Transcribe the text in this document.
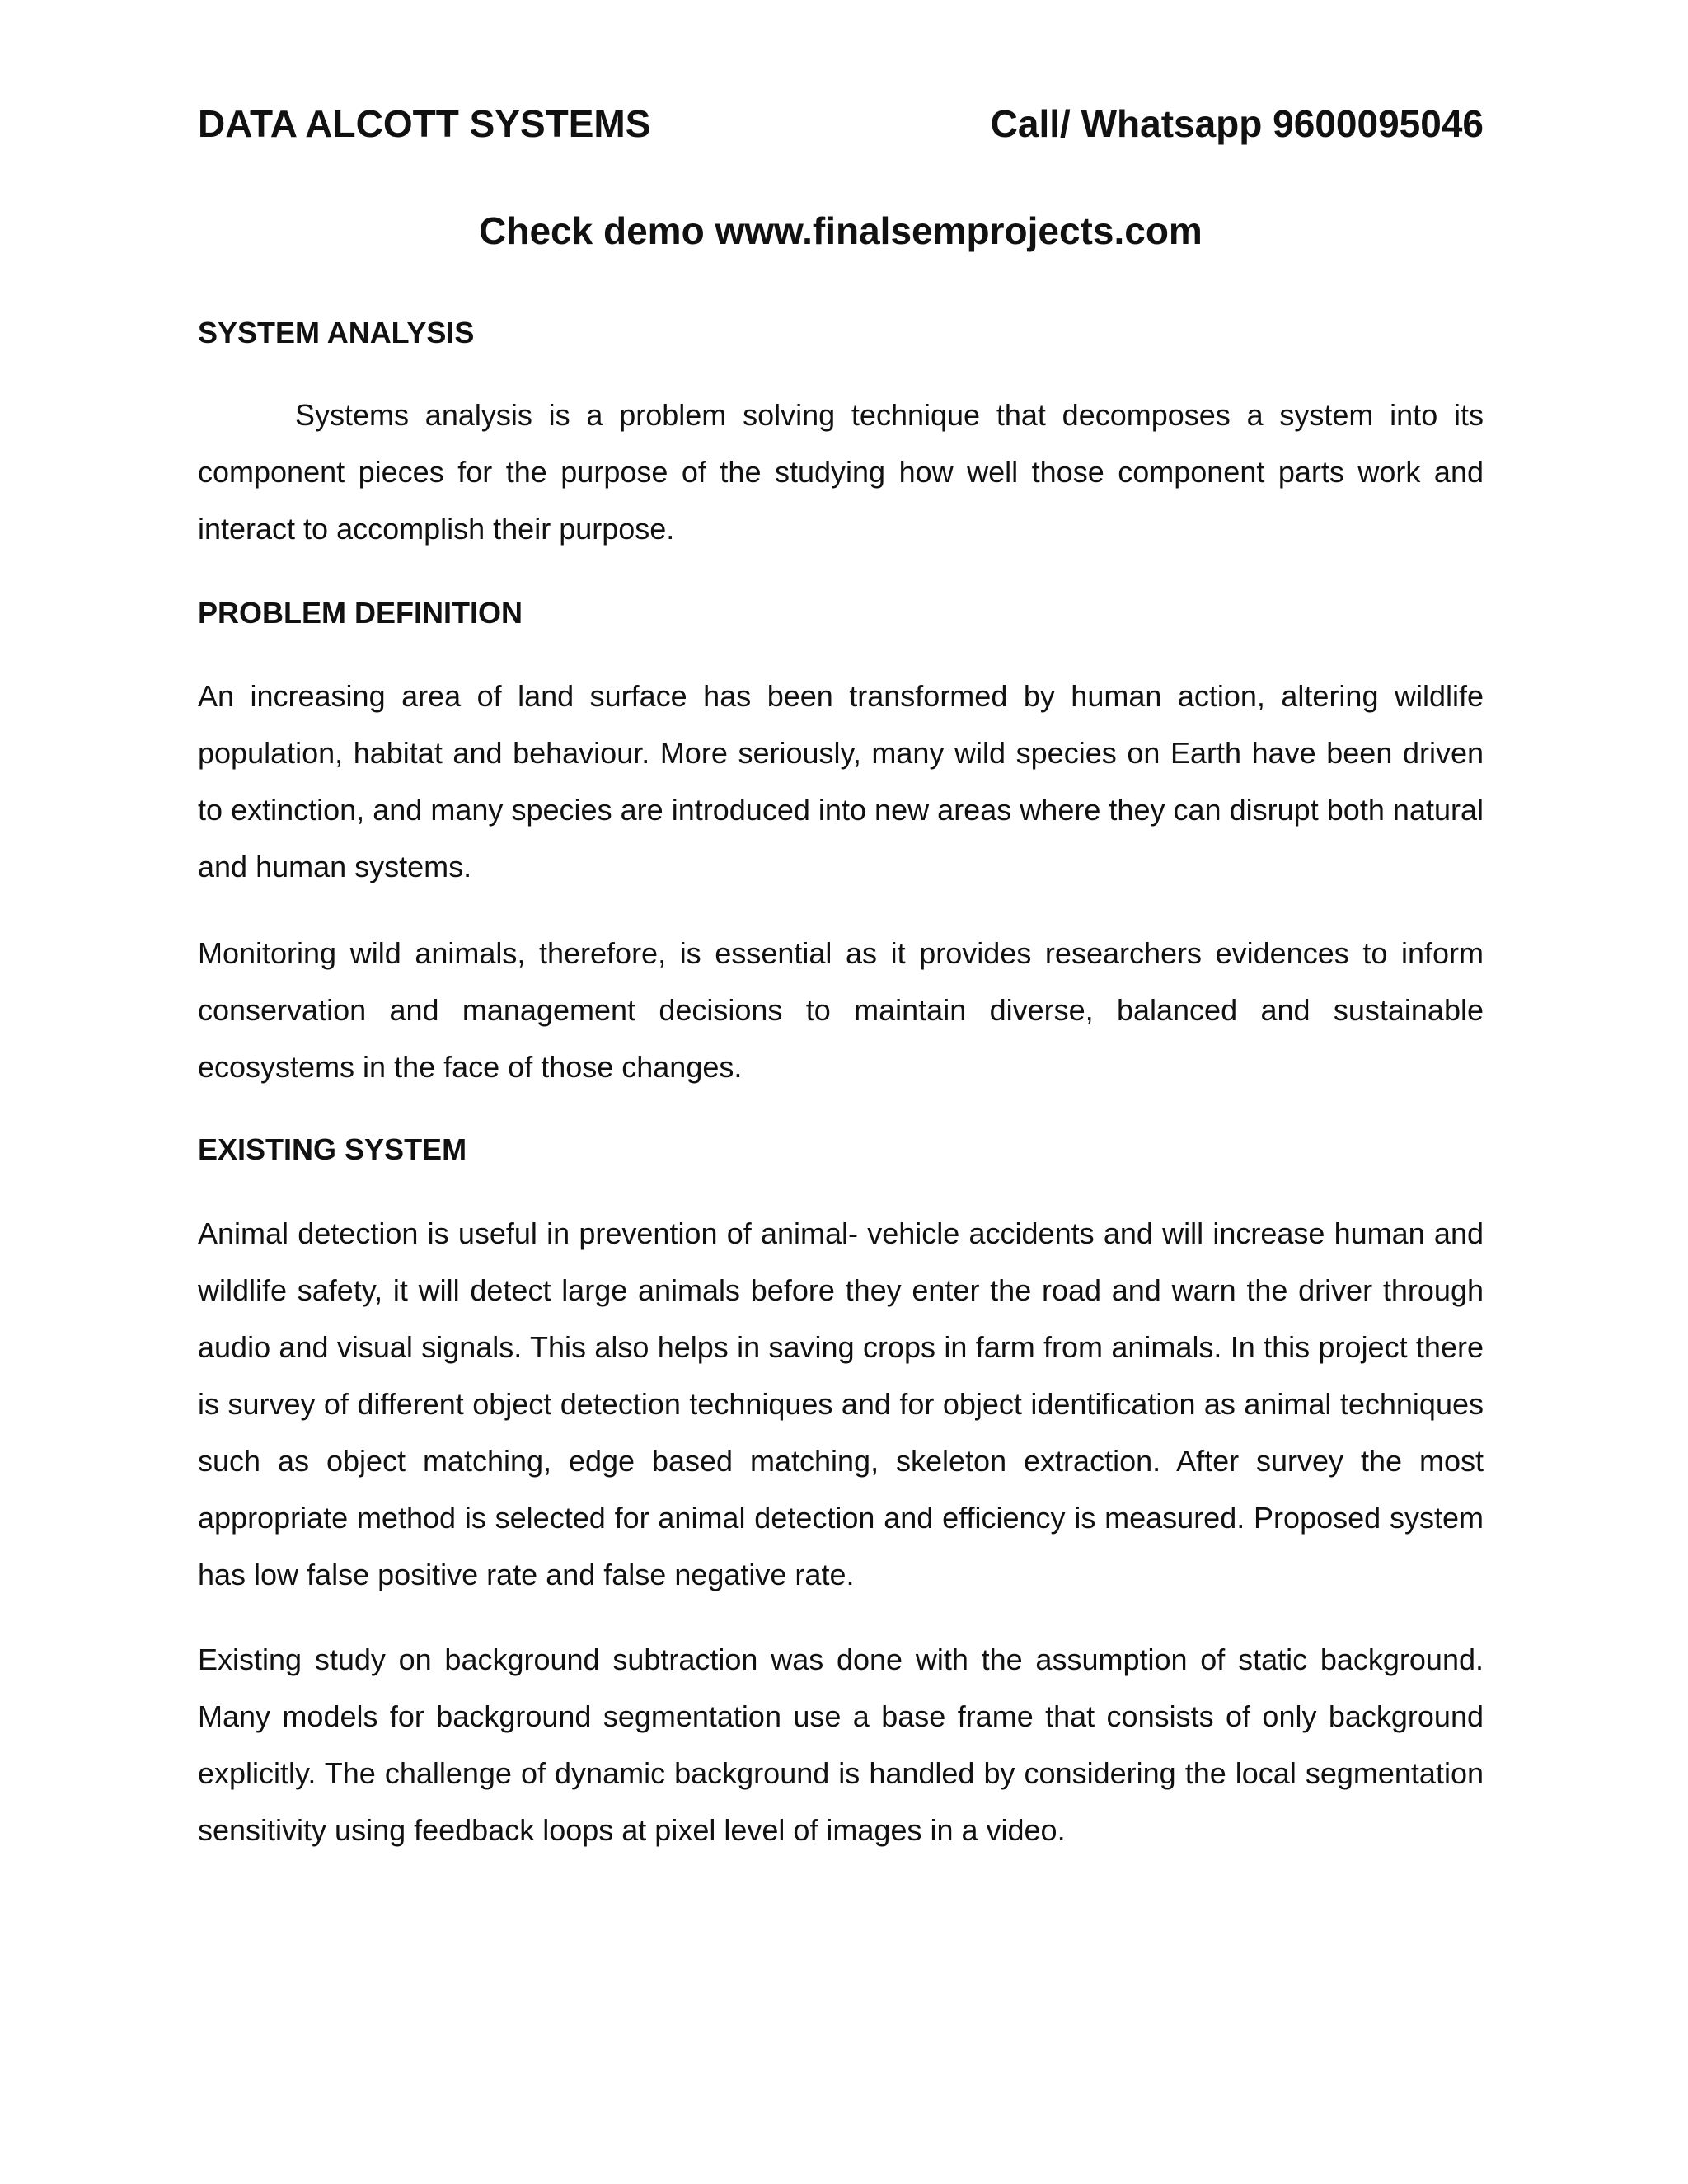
DATA ALCOTT SYSTEMS	Call/ Whatsapp 9600095046
Check demo www.finalsemprojects.com
SYSTEM ANALYSIS

Systems analysis is a problem solving technique that decomposes a system into its component pieces for the purpose of the studying how well those component parts work and interact to accomplish their purpose.

PROBLEM DEFINITION

An increasing area of land surface has been transformed by human action, altering wildlife population, habitat and behaviour. More seriously, many wild species on Earth have been driven to extinction, and many species are introduced into new areas where they can disrupt both natural and human systems.

Monitoring wild animals, therefore, is essential as it provides researchers evidences to inform conservation and management decisions to maintain diverse, balanced and sustainable ecosystems in the face of those changes.

EXISTING SYSTEM

Animal detection is useful in prevention of animal- vehicle accidents and will increase human and wildlife safety, it will detect large animals before they enter the road and warn the driver through audio and visual signals. This also helps in saving crops in farm from animals. In this project there is survey of different object detection techniques and for object identification as animal techniques such as object matching, edge based matching, skeleton extraction. After survey the most appropriate method is selected for animal detection and efficiency is measured. Proposed system has low false positive rate and false negative rate.

Existing study on background subtraction was done with the assumption of static background. Many models for background segmentation use a base frame that consists of only background explicitly. The challenge of dynamic background is handled by considering the local segmentation sensitivity using feedback loops at pixel level of images in a video.
